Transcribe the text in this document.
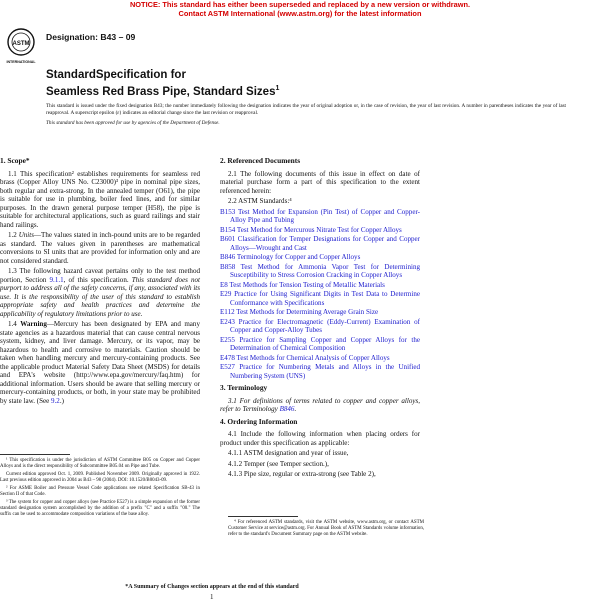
NOTICE: This standard has either been superseded and replaced by a new version or withdrawn.
Contact ASTM International (www.astm.org) for the latest information
ASTM
INTERNATIONAL
Designation: B43 – 09
StandardSpecification for
Seamless Red Brass Pipe, Standard Sizes$^1$

This standard is issued under the fixed designation B43; the number immediately following the designation indicates the year of original adoption or, in the case of revision, the year of last revision. A number in parentheses indicates the year of last reapproval. A superscript epsilon (ε) indicates an editorial change since the last revision or reapproval.

This standard has been approved for use by agencies of the Department of Defense.

1. Scope*

1.1 This specification² establishes requirements for seamless red brass (Copper Alloy UNS No. C23000)³ pipe in nominal pipe sizes, both regular and extra-strong. In the annealed temper (O61), the pipe is suitable for use in plumbing, boiler feed lines, and for similar purposes. In the drawn general purpose temper (H58), the pipe is suitable for architectural applications, such as guard railings and stair hand railings.

1.2 Units—The values stated in inch-pound units are to be regarded as standard. The values given in parentheses are mathematical conversions to SI units that are provided for information only and are not considered standard.

1.3 The following hazard caveat pertains only to the test method portion, Section 9.1.1, of this specification. This standard does not purport to address all of the safety concerns, if any, associated with its use. It is the responsibility of the user of this standard to establish appropriate safety and health practices and determine the applicability of regulatory limitations prior to use.

1.4 Warning—Mercury has been designated by EPA and many state agencies as a hazardous material that can cause central nervous system, kidney, and liver damage. Mercury, or its vapor, may be hazardous to health and corrosive to materials. Caution should be taken when handling mercury and mercury-containing products. See the applicable product Material Safety Data Sheet (MSDS) for details and EPA's website (http://www.epa.gov/mercury/faq.htm) for additional information. Users should be aware that selling mercury or mercury-containing products, or both, in your state may be prohibited by state law. (See 9.2.)

¹ This specification is under the jurisdiction of ASTM Committee B05 on Copper and Copper Alloys and is the direct responsibility of Subcommittee B05.04 on Pipe and Tube.

Current edition approved Oct. 1, 2009. Published November 2009. Originally approved in 1922. Last previous edition approved in 2004 as B43 – 98 (2004). DOI: 10.1520/B0043-09.

² For ASME Boiler and Pressure Vessel Code applications see related Specification SB-43 in Section II of that Code.

³ The system for copper and copper alloys (see Practice E527) is a simple expansion of the former standard designation system accomplished by the addition of a prefix "C" and a suffix "00." The suffix can be used to accommodate composition variations of the base alloy.

2. Referenced Documents

2.1 The following documents of this issue in effect on date of material purchase form a part of this specification to the extent referenced herein:

2.2 ASTM Standards:⁴

B153 Test Method for Expansion (Pin Test) of Copper and Copper-Alloy Pipe and Tubing
B154 Test Method for Mercurous Nitrate Test for Copper Alloys
B601 Classification for Temper Designations for Copper and Copper Alloys—Wrought and Cast
B846 Terminology for Copper and Copper Alloys
B858 Test Method for Ammonia Vapor Test for Determining Susceptibility to Stress Corrosion Cracking in Copper Alloys
E8 Test Methods for Tension Testing of Metallic Materials
E29 Practice for Using Significant Digits in Test Data to Determine Conformance with Specifications
E112 Test Methods for Determining Average Grain Size
E243 Practice for Electromagnetic (Eddy-Current) Examination of Copper and Copper-Alloy Tubes
E255 Practice for Sampling Copper and Copper Alloys for the Determination of Chemical Composition
E478 Test Methods for Chemical Analysis of Copper Alloys
E527 Practice for Numbering Metals and Alloys in the Unified Numbering System (UNS)
3. Terminology

3.1 For definitions of terms related to copper and copper alloys, refer to Terminology B846.

4. Ordering Information

4.1 Include the following information when placing orders for product under this specification as applicable:

4.1.1 ASTM designation and year of issue,

4.1.2 Temper (see Temper section.),

4.1.3 Pipe size, regular or extra-strong (see Table 2),

⁴ For referenced ASTM standards, visit the ASTM website, www.astm.org, or contact ASTM Customer Service at service@astm.org. For Annual Book of ASTM Standards volume information, refer to the standard's Document Summary page on the ASTM website.

*A Summary of Changes section appears at the end of this standard
1
